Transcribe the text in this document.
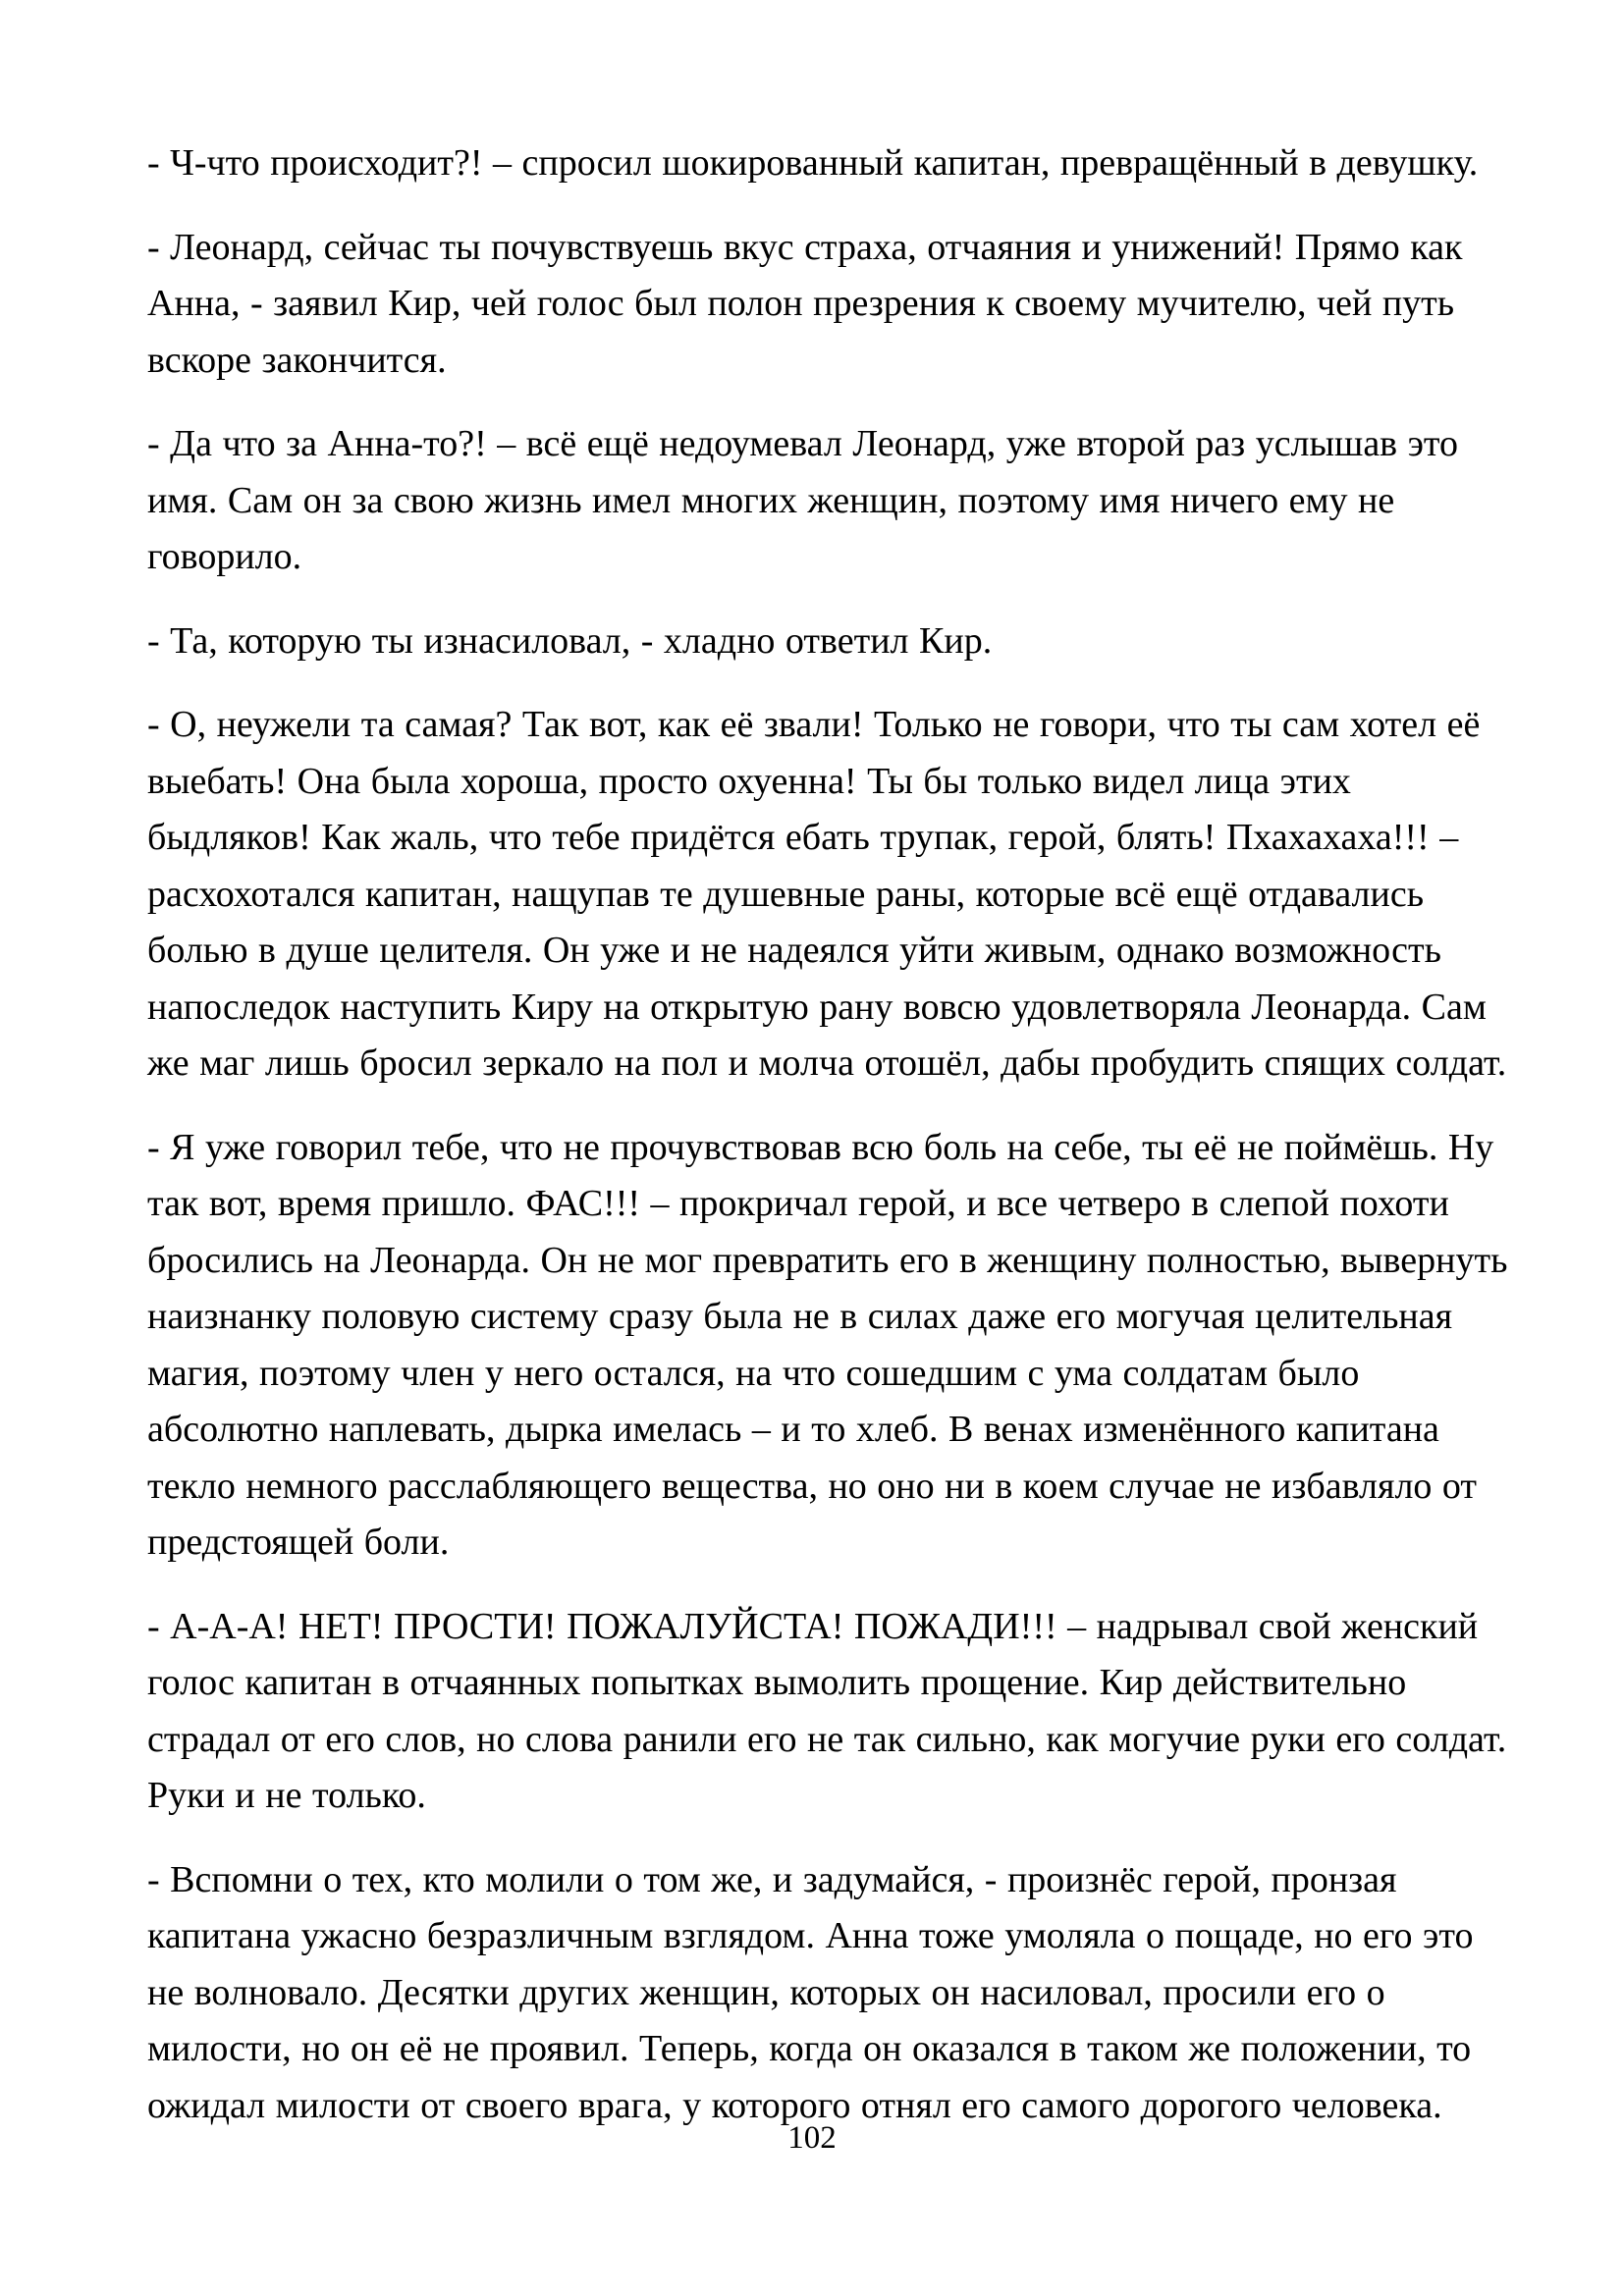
- Ч-что происходит?! – спросил шокированный капитан, превращённый в девушку.

- Леонард, сейчас ты почувствуешь вкус страха, отчаяния и унижений! Прямо как Анна, - заявил Кир, чей голос был полон презрения к своему мучителю, чей путь вскоре закончится.

- Да что за Анна-то?! – всё ещё недоумевал Леонард, уже второй раз услышав это имя. Сам он за свою жизнь имел многих женщин, поэтому имя ничего ему не говорило.

- Та, которую ты изнасиловал, - хладно ответил Кир.

- О, неужели та самая? Так вот, как её звали! Только не говори, что ты сам хотел её выебать! Она была хороша, просто охуенна! Ты бы только видел лица этих быдляков! Как жаль, что тебе придётся ебать трупак, герой, блять! Пхахахаха!!! – расхохотался капитан, нащупав те душевные раны, которые всё ещё отдавались болью в душе целителя. Он уже и не надеялся уйти живым, однако возможность напоследок наступить Киру на открытую рану вовсю удовлетворяла Леонарда. Сам же маг лишь бросил зеркало на пол и молча отошёл, дабы пробудить спящих солдат.

- Я уже говорил тебе, что не прочувствовав всю боль на себе, ты её не поймёшь. Ну так вот, время пришло. ФАС!!! – прокричал герой, и все четверо в слепой похоти бросились на Леонарда. Он не мог превратить его в женщину полностью, вывернуть наизнанку половую систему сразу была не в силах даже его могучая целительная магия, поэтому член у него остался, на что сошедшим с ума солдатам было абсолютно наплевать, дырка имелась – и то хлеб. В венах изменённого капитана текло немного расслабляющего вещества, но оно ни в коем случае не избавляло от предстоящей боли.

- А-А-А! НЕТ! ПРОСТИ! ПОЖАЛУЙСТА! ПОЖАДИ!!! – надрывал свой женский голос капитан в отчаянных попытках вымолить прощение. Кир действительно страдал от его слов, но слова ранили его не так сильно, как могучие руки его солдат. Руки и не только.

- Вспомни о тех, кто молили о том же, и задумайся, - произнёс герой, пронзая капитана ужасно безразличным взглядом. Анна тоже умоляла о пощаде, но его это не волновало. Десятки других женщин, которых он насиловал, просили его о милости, но он её не проявил. Теперь, когда он оказался в таком же положении, то ожидал милости от своего врага, у которого отнял его самого дорогого человека.

102
